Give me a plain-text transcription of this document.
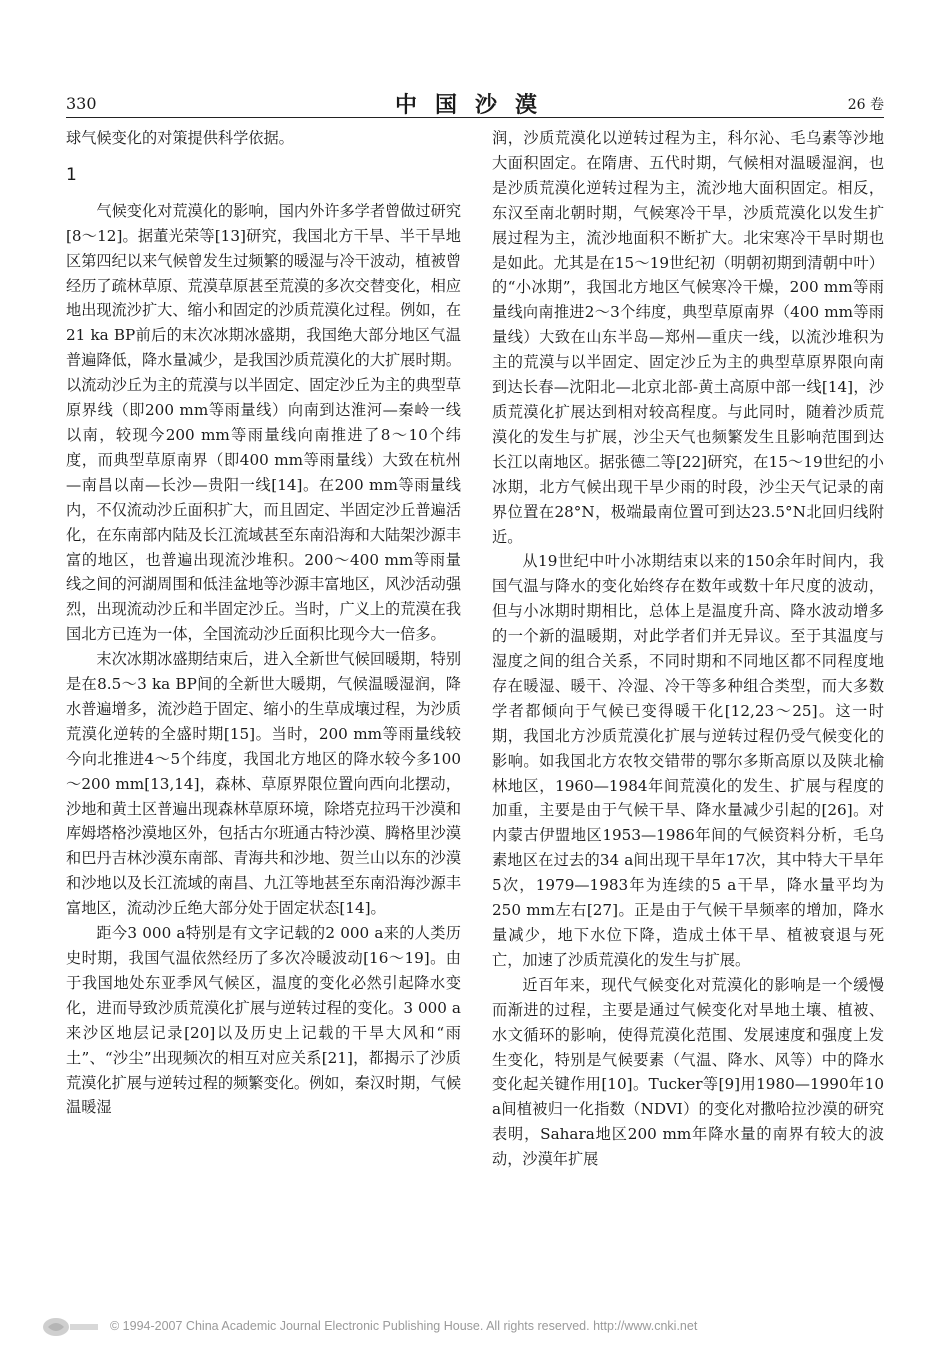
330	中国沙漠	26 卷

球气候变化的对策提供科学依据。

1

气候变化对荒漠化的影响，国内外许多学者曾做过研究[8～12]。据董光荣等[13]研究，我国北方干旱、半干旱地区第四纪以来气候曾发生过频繁的暖湿与冷干波动，植被曾经历了疏林草原、荒漠草原甚至荒漠的多次交替变化，相应地出现流沙扩大、缩小和固定的沙质荒漠化过程。例如，在21 ka BP前后的末次冰期冰盛期，我国绝大部分地区气温普遍降低，降水量减少，是我国沙质荒漠化的大扩展时期。以流动沙丘为主的荒漠与以半固定、固定沙丘为主的典型草原界线（即200 mm等雨量线）向南到达淮河—秦岭一线以南，较现今200 mm等雨量线向南推进了8～10个纬度，而典型草原南界（即400 mm等雨量线）大致在杭州—南昌以南—长沙—贵阳一线[14]。在200 mm等雨量线内，不仅流动沙丘面积扩大，而且固定、半固定沙丘普遍活化，在东南部内陆及长江流域甚至东南沿海和大陆架沙源丰富的地区，也普遍出现流沙堆积。200～400 mm等雨量线之间的河湖周围和低洼盆地等沙源丰富地区，风沙活动强烈，出现流动沙丘和半固定沙丘。当时，广义上的荒漠在我国北方已连为一体，全国流动沙丘面积比现今大一倍多。

末次冰期冰盛期结束后，进入全新世气候回暖期，特别是在8.5～3 ka BP间的全新世大暖期，气候温暖湿润，降水普遍增多，流沙趋于固定、缩小的生草成壤过程，为沙质荒漠化逆转的全盛时期[15]。当时，200 mm等雨量线较今向北推进4～5个纬度，我国北方地区的降水较今多100～200 mm[13,14]，森林、草原界限位置向西向北摆动，沙地和黄土区普遍出现森林草原环境，除塔克拉玛干沙漠和库姆塔格沙漠地区外，包括古尔班通古特沙漠、腾格里沙漠和巴丹吉林沙漠东南部、青海共和沙地、贺兰山以东的沙漠和沙地以及长江流域的南昌、九江等地甚至东南沿海沙源丰富地区，流动沙丘绝大部分处于固定状态[14]。

距今3 000 a特别是有文字记载的2 000 a来的人类历史时期，我国气温依然经历了多次冷暖波动[16～19]。由于我国地处东亚季风气候区，温度的变化必然引起降水变化，进而导致沙质荒漠化扩展与逆转过程的变化。3 000 a来沙区地层记录[20]以及历史上记载的干旱大风和“雨土”、“沙尘”出现频次的相互对应关系[21]，都揭示了沙质荒漠化扩展与逆转过程的频繁变化。例如，秦汉时期，气候温暖湿

润，沙质荒漠化以逆转过程为主，科尔沁、毛乌素等沙地大面积固定。在隋唐、五代时期，气候相对温暖湿润，也是沙质荒漠化逆转过程为主，流沙地大面积固定。相反，东汉至南北朝时期，气候寒冷干旱，沙质荒漠化以发生扩展过程为主，流沙地面积不断扩大。北宋寒冷干旱时期也是如此。尤其是在15～19世纪初（明朝初期到清朝中叶）的“小冰期”，我国北方地区气候寒冷干燥，200 mm等雨量线向南推进2～3个纬度，典型草原南界（400 mm等雨量线）大致在山东半岛—郑州—重庆一线，以流沙堆积为主的荒漠与以半固定、固定沙丘为主的典型草原界限向南到达长春—沈阳北—北京北部-黄土高原中部一线[14]，沙质荒漠化扩展达到相对较高程度。与此同时，随着沙质荒漠化的发生与扩展，沙尘天气也频繁发生且影响范围到达长江以南地区。据张德二等[22]研究，在15～19世纪的小冰期，北方气候出现干旱少雨的时段，沙尘天气记录的南界位置在28°N，极端最南位置可到达23.5°N北回归线附近。

从19世纪中叶小冰期结束以来的150余年时间内，我国气温与降水的变化始终存在数年或数十年尺度的波动，但与小冰期时期相比，总体上是温度升高、降水波动增多的一个新的温暖期，对此学者们并无异议。至于其温度与湿度之间的组合关系，不同时期和不同地区都不同程度地存在暖湿、暖干、冷湿、冷干等多种组合类型，而大多数学者都倾向于气候已变得暖干化[12,23～25]。这一时期，我国北方沙质荒漠化扩展与逆转过程仍受气候变化的影响。如我国北方农牧交错带的鄂尔多斯高原以及陕北榆林地区，1960—1984年间荒漠化的发生、扩展与程度的加重，主要是由于气候干旱、降水量减少引起的[26]。对内蒙古伊盟地区1953—1986年间的气候资料分析，毛乌素地区在过去的34 a间出现干旱年17次，其中特大干旱年5次，1979—1983年为连续的5 a干旱，降水量平均为250 mm左右[27]。正是由于气候干旱频率的增加，降水量减少，地下水位下降，造成土体干旱、植被衰退与死亡，加速了沙质荒漠化的发生与扩展。

近百年来，现代气候变化对荒漠化的影响是一个缓慢而渐进的过程，主要是通过气候变化对旱地土壤、植被、水文循环的影响，使得荒漠化范围、发展速度和强度上发生变化，特别是气候要素（气温、降水、风等）中的降水变化起关键作用[10]。Tucker等[9]用1980—1990年10 a间植被归一化指数（NDVI）的变化对撒哈拉沙漠的研究表明，Sahara地区200 mm年降水量的南界有较大的波动，沙漠年扩展

© 1994-2007 China Academic Journal Electronic Publishing House. All rights reserved. http://www.cnki.net
